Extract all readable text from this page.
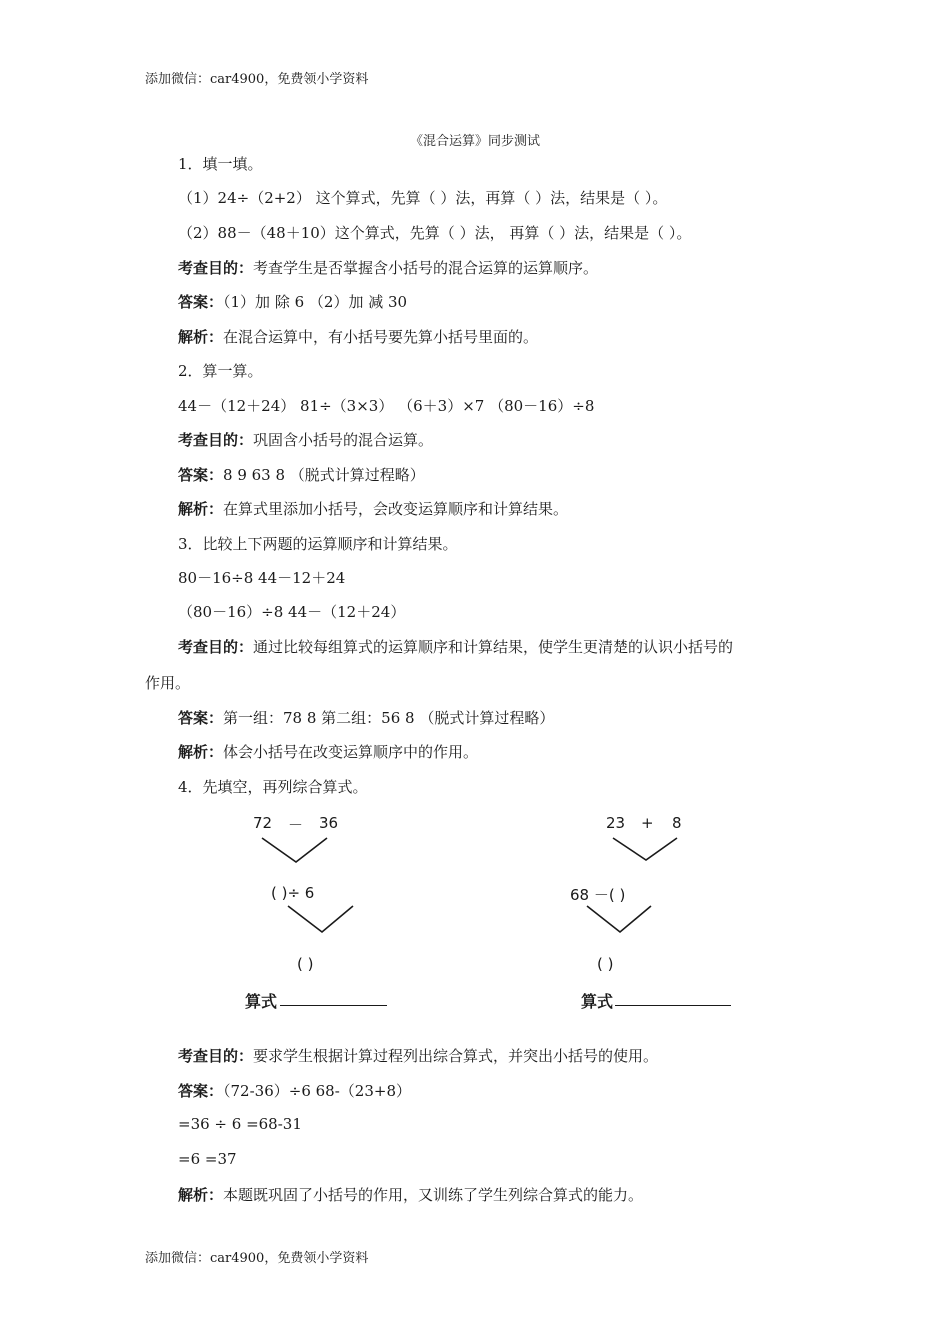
添加微信：car4900，免费领小学资料
《混合运算》同步测试
1．填一填。
（1）24÷（2+2） 这个算式，先算（ ）法，再算（ ）法，结果是（ ）。
（2）88－（48＋10）这个算式，先算（ ）法， 再算（ ）法，结果是（ ）。
考查目的：考查学生是否掌握含小括号的混合运算的运算顺序。
答案：（1）加 除 6 （2）加 减 30
解析：在混合运算中，有小括号要先算小括号里面的。
2．算一算。
44－（12＋24） 81÷（3×3） （6＋3）×7 （80－16）÷8
考查目的：巩固含小括号的混合运算。
答案：8 9 63 8 （脱式计算过程略）
解析：在算式里添加小括号，会改变运算顺序和计算结果。
3．比较上下两题的运算顺序和计算结果。
80－16÷8 44－12＋24
（80－16）÷8 44－（12＋24）
考查目的：通过比较每组算式的运算顺序和计算结果，使学生更清楚的认识小括号的
作用。
答案：第一组：78 8 第二组：56 8 （脱式计算过程略）
解析：体会小括号在改变运算顺序中的作用。
4．先填空，再列综合算式。
72 － 36
( )÷ 6
( )
算式
23 + 8
68 －( )
( )
算式
考查目的：要求学生根据计算过程列出综合算式，并突出小括号的使用。
答案：（72-36）÷6 68-（23+8）
=36 ÷ 6 =68-31
=6 =37
解析：本题既巩固了小括号的作用，又训练了学生列综合算式的能力。
添加微信：car4900，免费领小学资料
